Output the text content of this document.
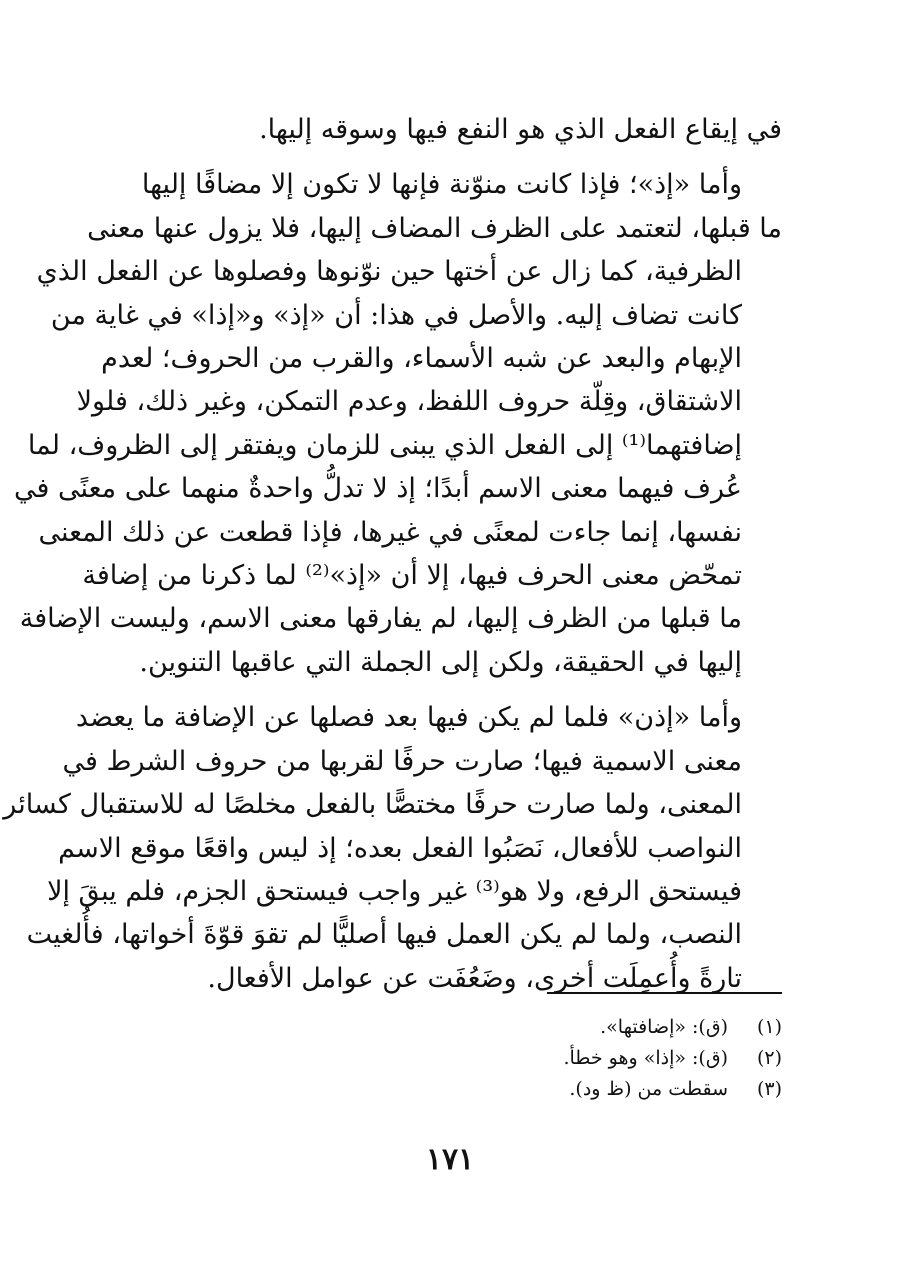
في إيقاع الفعل الذي هو النفع فيها وسوقه إليها.

وأما «إذ»؛ فإذا كانت منوّنة فإنها لا تكون إلا مضافًا إليها
ما قبلها، لتعتمد على الظرف المضاف إليها، فلا يزول عنها معنى
الظرفية، كما زال عن أختها حين نوّنوها وفصلوها عن الفعل الذي
كانت تضاف إليه. والأصل في هذا: أن «إذ» و«إذا» في غاية من
الإبهام والبعد عن شبه الأسماء، والقرب من الحروف؛ لعدم
الاشتقاق، وقِلّة حروف اللفظ، وعدم التمكن، وغير ذلك، فلولا
إضافتهما⁽¹⁾ إلى الفعل الذي يبنى للزمان ويفتقر إلى الظروف، لما
عُرف فيهما معنى الاسم أبدًا؛ إذ لا تدلُّ واحدةٌ منهما على معنًى في
نفسها، إنما جاءت لمعنًى في غيرها، فإذا قطعت عن ذلك المعنى
تمحّض معنى الحرف فيها، إلا أن «إذ»⁽²⁾ لما ذكرنا من إضافة
ما قبلها من الظرف إليها، لم يفارقها معنى الاسم، وليست الإضافة
إليها في الحقيقة، ولكن إلى الجملة التي عاقبها التنوين.

وأما «إذن» فلما لم يكن فيها بعد فصلها عن الإضافة ما يعضد
معنى الاسمية فيها؛ صارت حرفًا لقربها من حروف الشرط في
المعنى، ولما صارت حرفًا مختصًّا بالفعل مخلصًا له للاستقبال كسائر
النواصب للأفعال، نَصَبُوا الفعل بعده؛ إذ ليس واقعًا موقع الاسم
فيستحق الرفع، ولا هو⁽³⁾ غير واجب فيستحق الجزم، فلم يبقَ إلا
النصب، ولما لم يكن العمل فيها أصليًّا لم تقوَ قوّةَ أخواتها، فأُلغيت
تارةً وأُعمِلَت أخرى، وضَعُفَت عن عوامل الأفعال.

(١)(ق): «إضافتها».
(٢)(ق): «إذا» وهو خطأ.
(٣)سقطت من (ظ ود).
١٧١
